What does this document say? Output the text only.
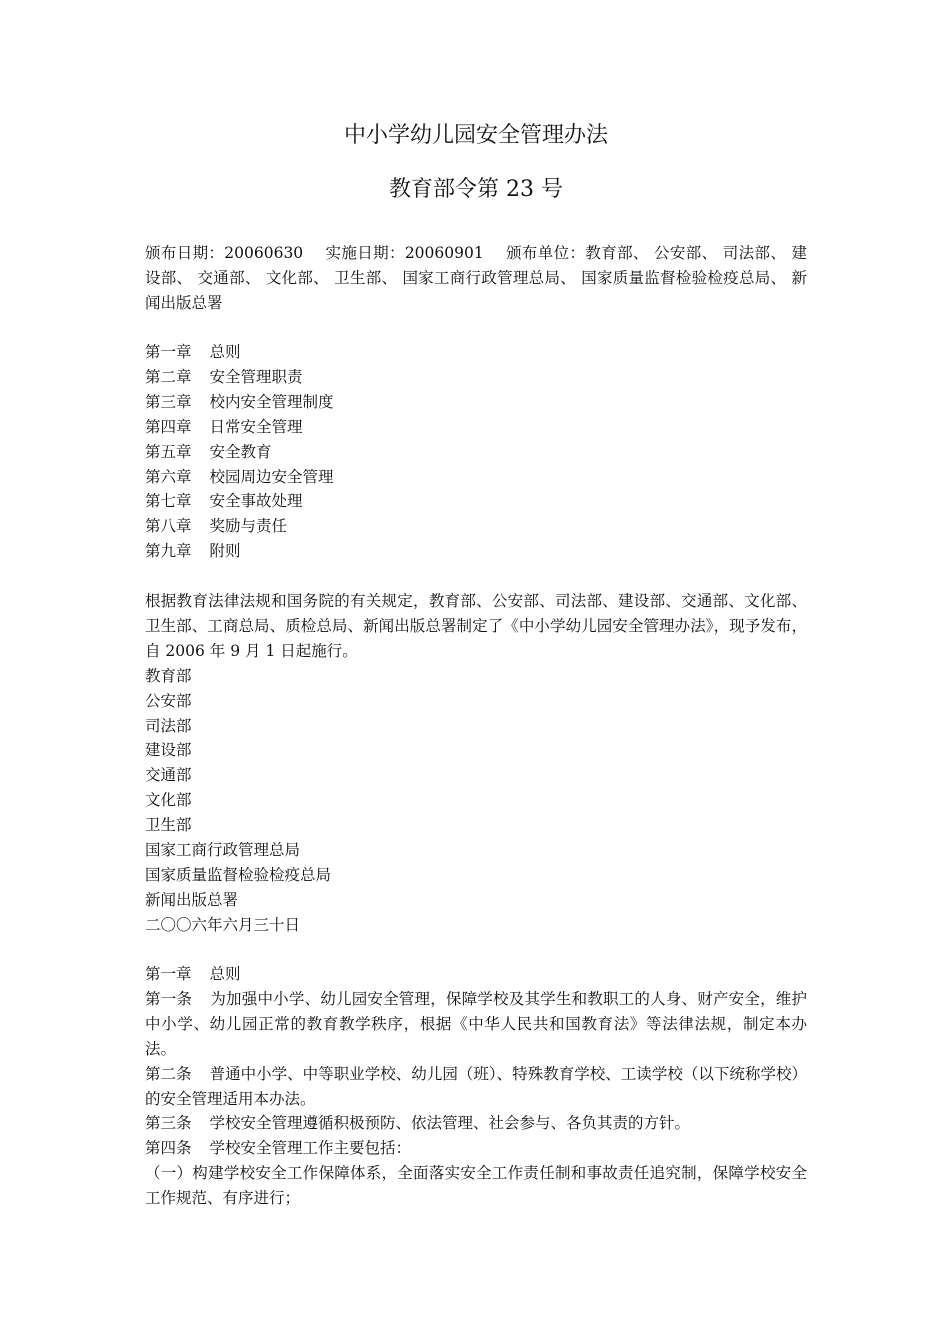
中小学幼儿园安全管理办法
教育部令第 23 号
颁布日期：20060630 实施日期：20060901 颁布单位：教育部、 公安部、 司法部、 建设部、 交通部、 文化部、 卫生部、 国家工商行政管理总局、 国家质量监督检验检疫总局、 新闻出版总署
第一章 总则
第二章 安全管理职责
第三章 校内安全管理制度
第四章 日常安全管理
第五章 安全教育
第六章 校园周边安全管理
第七章 安全事故处理
第八章 奖励与责任
第九章 附则
根据教育法律法规和国务院的有关规定，教育部、公安部、司法部、建设部、交通部、文化部、卫生部、工商总局、质检总局、新闻出版总署制定了《中小学幼儿园安全管理办法》，现予发布，自 2006 年 9 月 1 日起施行。
教育部
公安部
司法部
建设部
交通部
文化部
卫生部
国家工商行政管理总局
国家质量监督检验检疫总局
新闻出版总署
二〇〇六年六月三十日
第一章 总则
第一条 为加强中小学、幼儿园安全管理，保障学校及其学生和教职工的人身、财产安全，维护中小学、幼儿园正常的教育教学秩序，根据《中华人民共和国教育法》等法律法规，制定本办法。
第二条 普通中小学、中等职业学校、幼儿园（班）、特殊教育学校、工读学校（以下统称学校）的安全管理适用本办法。
第三条 学校安全管理遵循积极预防、依法管理、社会参与、各负其责的方针。
第四条 学校安全管理工作主要包括：
（一）构建学校安全工作保障体系，全面落实安全工作责任制和事故责任追究制，保障学校安全工作规范、有序进行；
